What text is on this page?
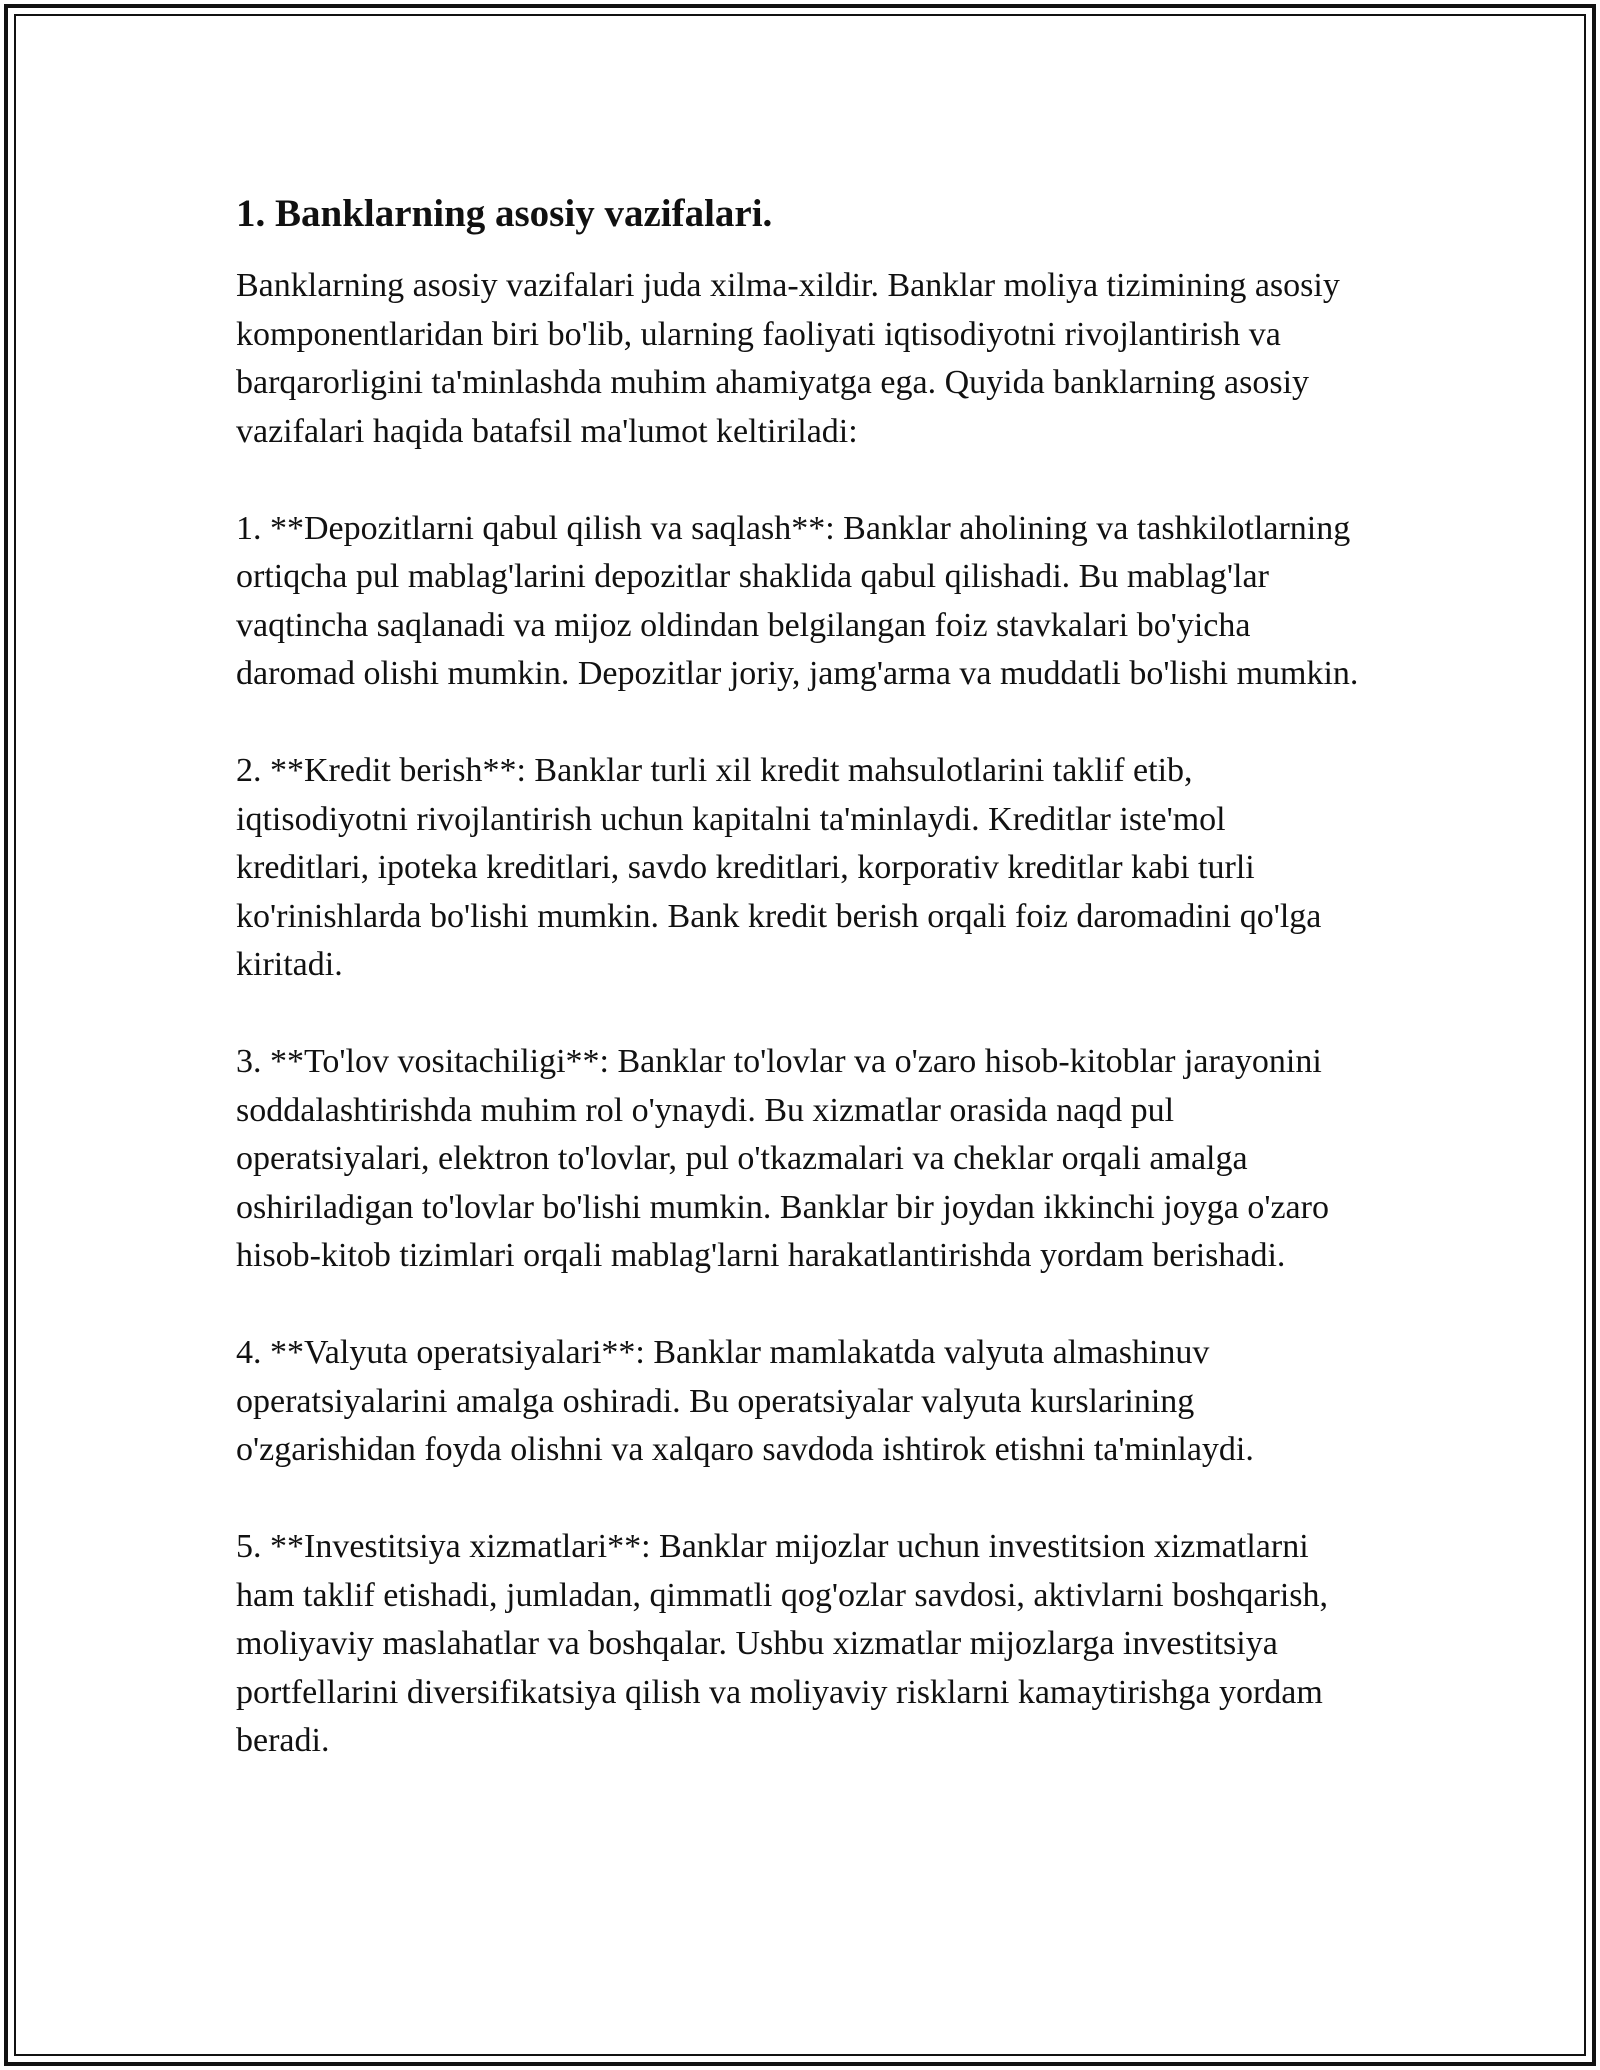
1. Banklarning asosiy vazifalari.

Banklarning asosiy vazifalari juda xilma-xildir. Banklar moliya tizimining asosiy komponentlaridan biri bo'lib, ularning faoliyati iqtisodiyotni rivojlantirish va barqarorligini ta'minlashda muhim ahamiyatga ega. Quyida banklarning asosiy vazifalari haqida batafsil ma'lumot keltiriladi:

1. **Depozitlarni qabul qilish va saqlash**: Banklar aholining va tashkilotlarning ortiqcha pul mablag'larini depozitlar shaklida qabul qilishadi. Bu mablag'lar vaqtincha saqlanadi va mijoz oldindan belgilangan foiz stavkalari bo'yicha daromad olishi mumkin. Depozitlar joriy, jamg'arma va muddatli bo'lishi mumkin.

2. **Kredit berish**: Banklar turli xil kredit mahsulotlarini taklif etib, iqtisodiyotni rivojlantirish uchun kapitalni ta'minlaydi. Kreditlar iste'mol kreditlari, ipoteka kreditlari, savdo kreditlari, korporativ kreditlar kabi turli ko'rinishlarda bo'lishi mumkin. Bank kredit berish orqali foiz daromadini qo'lga kiritadi.

3. **To'lov vositachiligi**: Banklar to'lovlar va o'zaro hisob-kitoblar jarayonini soddalashtirishda muhim rol o'ynaydi. Bu xizmatlar orasida naqd pul operatsiyalari, elektron to'lovlar, pul o'tkazmalari va cheklar orqali amalga oshiriladigan to'lovlar bo'lishi mumkin. Banklar bir joydan ikkinchi joyga o'zaro hisob-kitob tizimlari orqali mablag'larni harakatlantirishda yordam berishadi.

4. **Valyuta operatsiyalari**: Banklar mamlakatda valyuta almashinuv operatsiyalarini amalga oshiradi. Bu operatsiyalar valyuta kurslarining o'zgarishidan foyda olishni va xalqaro savdoda ishtirok etishni ta'minlaydi.

5. **Investitsiya xizmatlari**: Banklar mijozlar uchun investitsion xizmatlarni ham taklif etishadi, jumladan, qimmatli qog'ozlar savdosi, aktivlarni boshqarish, moliyaviy maslahatlar va boshqalar. Ushbu xizmatlar mijozlarga investitsiya portfellarini diversifikatsiya qilish va moliyaviy risklarni kamaytirishga yordam beradi.
